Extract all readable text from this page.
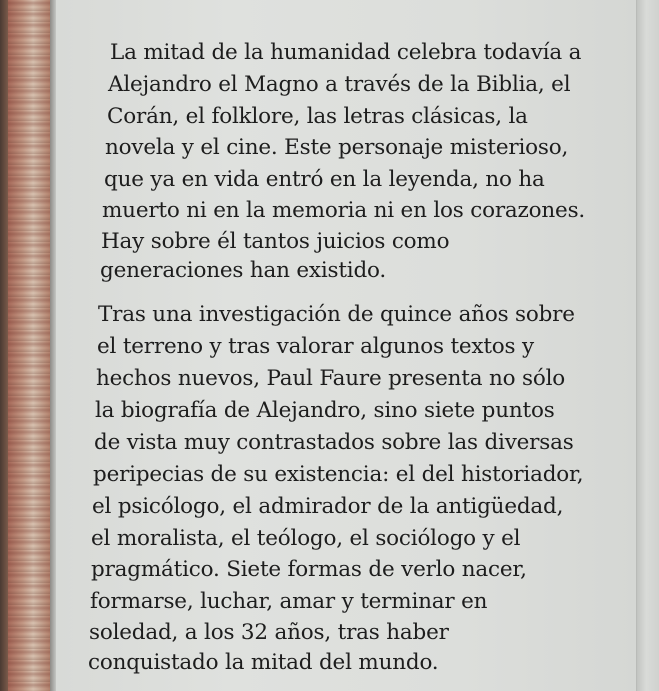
La mitad de la humanidad celebra todavía a
Alejandro el Magno a través de la Biblia, el
Corán, el folklore, las letras clásicas, la
novela y el cine. Este personaje misterioso,
que ya en vida entró en la leyenda, no ha
muerto ni en la memoria ni en los corazones.
Hay sobre él tantos juicios como
generaciones han existido.
Tras una investigación de quince años sobre
el terreno y tras valorar algunos textos y
hechos nuevos, Paul Faure presenta no sólo
la biografía de Alejandro, sino siete puntos
de vista muy contrastados sobre las diversas
peripecias de su existencia: el del historiador,
el psicólogo, el admirador de la antigüedad,
el moralista, el teólogo, el sociólogo y el
pragmático. Siete formas de verlo nacer,
formarse, luchar, amar y terminar en
soledad, a los 32 años, tras haber
conquistado la mitad del mundo.
